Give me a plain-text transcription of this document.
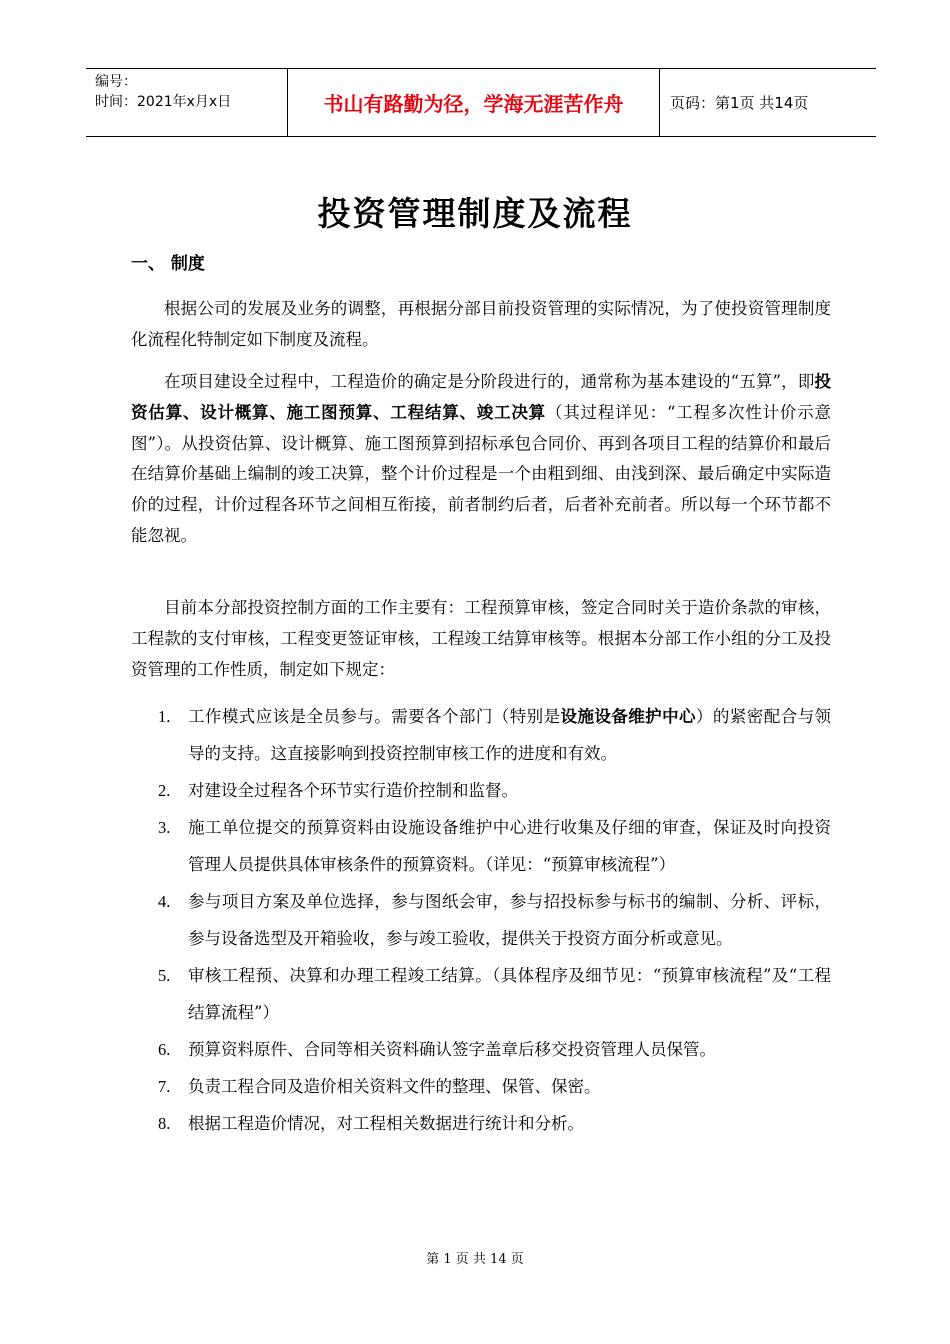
编号：
时间：2021年x月x日	书山有路勤为径，学海无涯苦作舟	页码：第1页 共14页
投资管理制度及流程
一、 制度

根据公司的发展及业务的调整，再根据分部目前投资管理的实际情况，为了使投资管理制度化流程化特制定如下制度及流程。

在项目建设全过程中，工程造价的确定是分阶段进行的，通常称为基本建设的“五算”，即投资估算、设计概算、施工图预算、工程结算、竣工决算（其过程详见：“工程多次性计价示意图”）。从投资估算、设计概算、施工图预算到招标承包合同价、再到各项目工程的结算价和最后在结算价基础上编制的竣工决算，整个计价过程是一个由粗到细、由浅到深、最后确定中实际造价的过程，计价过程各环节之间相互衔接，前者制约后者，后者补充前者。所以每一个环节都不能忽视。

目前本分部投资控制方面的工作主要有：工程预算审核，签定合同时关于造价条款的审核，工程款的支付审核，工程变更签证审核，工程竣工结算审核等。根据本分部工作小组的分工及投资管理的工作性质，制定如下规定：

1. 工作模式应该是全员参与。需要各个部门（特别是设施设备维护中心）的紧密配合与领导的支持。这直接影响到投资控制审核工作的进度和有效。
2. 对建设全过程各个环节实行造价控制和监督。
3. 施工单位提交的预算资料由设施设备维护中心进行收集及仔细的审查，保证及时向投资管理人员提供具体审核条件的预算资料。（详见：“预算审核流程”）
4. 参与项目方案及单位选择，参与图纸会审，参与招投标参与标书的编制、分析、评标，参与设备选型及开箱验收，参与竣工验收，提供关于投资方面分析或意见。
5. 审核工程预、决算和办理工程竣工结算。（具体程序及细节见：“预算审核流程”及“工程结算流程”）
6. 预算资料原件、合同等相关资料确认签字盖章后移交投资管理人员保管。
7. 负责工程合同及造价相关资料文件的整理、保管、保密。
8. 根据工程造价情况，对工程相关数据进行统计和分析。
第 1 页 共 14 页
